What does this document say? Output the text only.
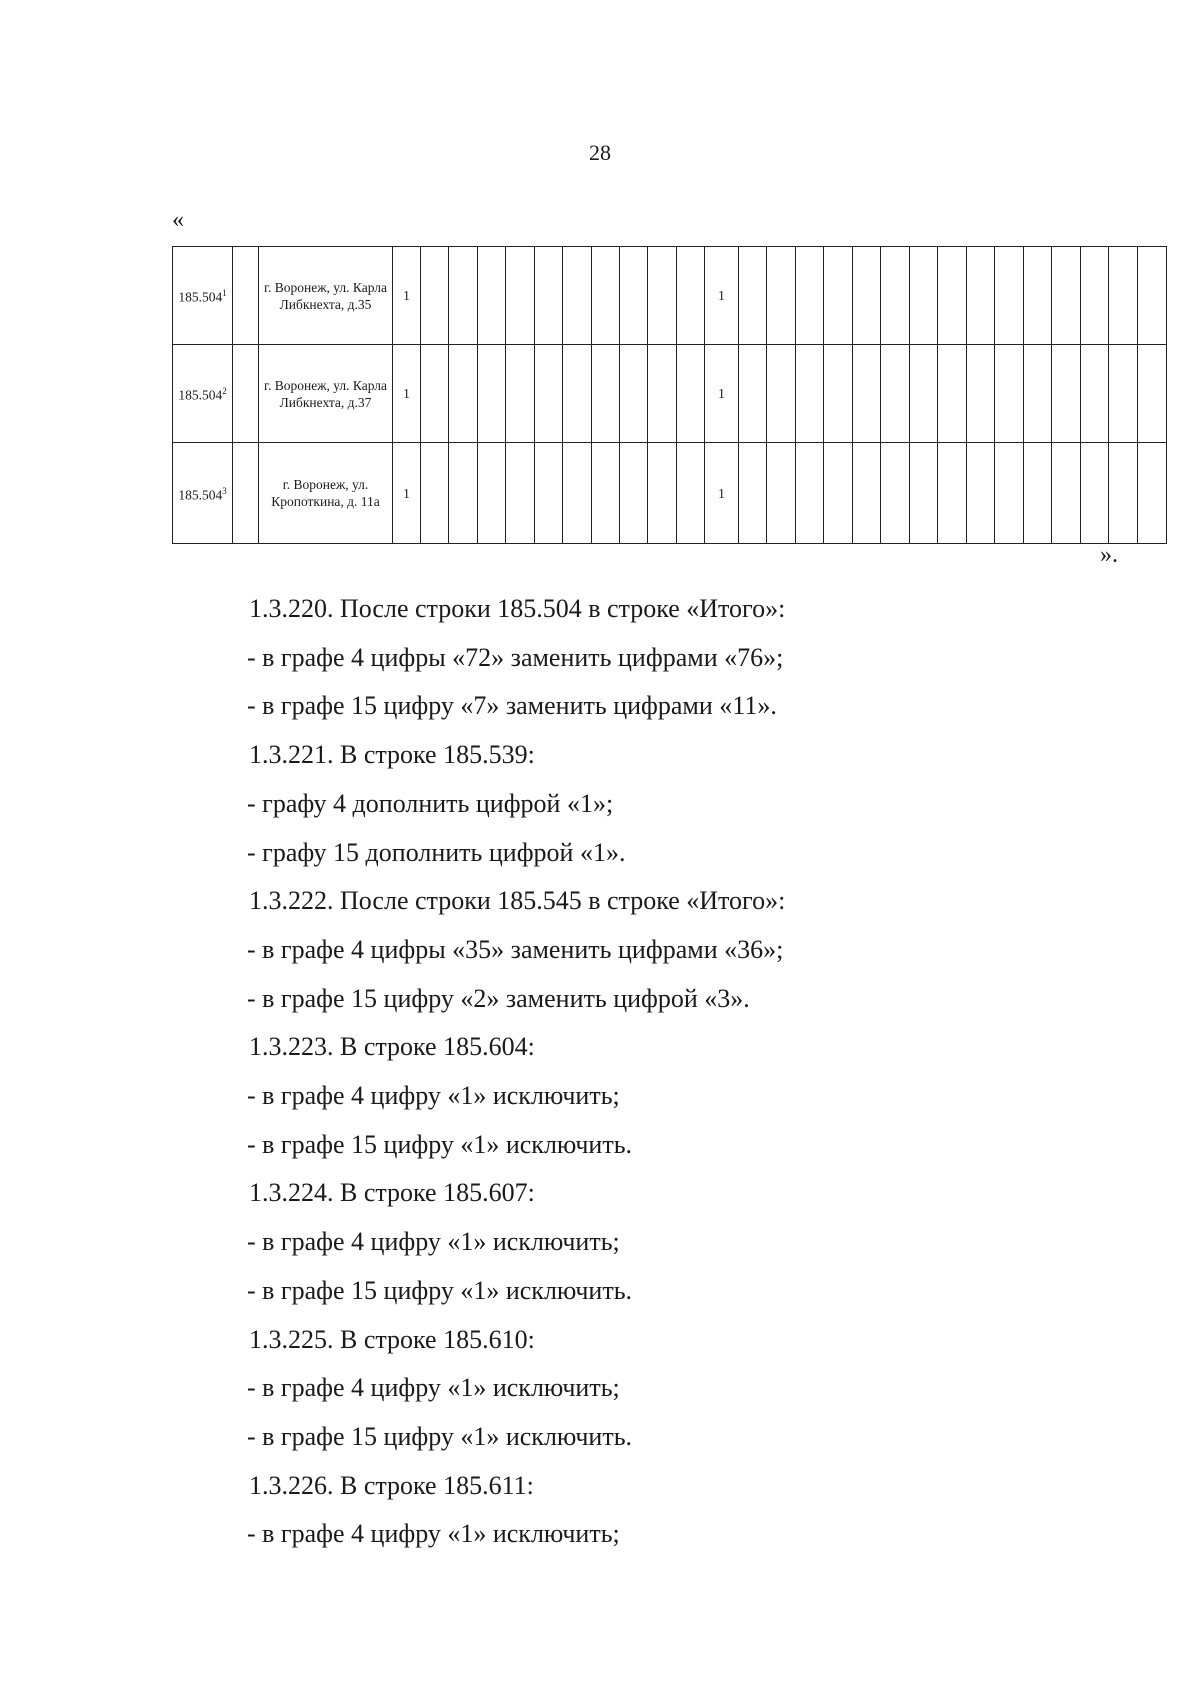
28
«
185.504$^1$		г. Воронеж, ул. Карла Либкнехта, д.35	1											1															
185.504$^2$		г. Воронеж, ул. Карла Либкнехта, д.37	1											1															
185.504$^3$		г. Воронеж, ул. Кропоткина, д. 11а	1											1															
».
1.3.220. После строки 185.504 в строке «Итого»:
- в графе 4 цифры «72» заменить цифрами «76»;
- в графе 15 цифру «7» заменить цифрами «11».
1.3.221. В строке 185.539:
- графу 4 дополнить цифрой «1»;
- графу 15 дополнить цифрой «1».
1.3.222. После строки 185.545 в строке «Итого»:
- в графе 4 цифры «35» заменить цифрами «36»;
- в графе 15 цифру «2» заменить цифрой «3».
1.3.223. В строке 185.604:
- в графе 4 цифру «1» исключить;
- в графе 15 цифру «1» исключить.
1.3.224. В строке 185.607:
- в графе 4 цифру «1» исключить;
- в графе 15 цифру «1» исключить.
1.3.225. В строке 185.610:
- в графе 4 цифру «1» исключить;
- в графе 15 цифру «1» исключить.
1.3.226. В строке 185.611:
- в графе 4 цифру «1» исключить;
